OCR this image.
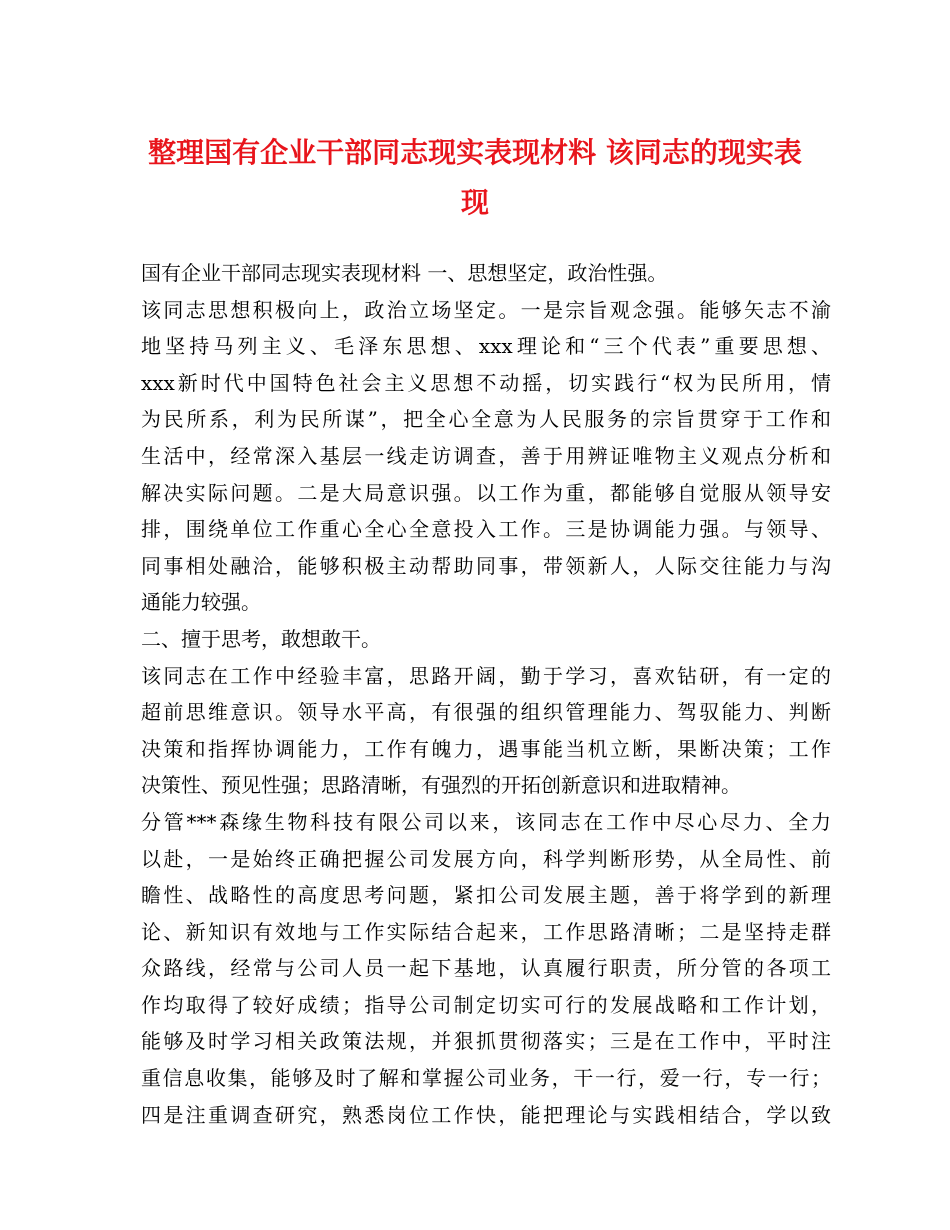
整理国有企业干部同志现实表现材料 该同志的现实表
现
国有企业干部同志现实表现材料 一、思想坚定，政治性强。
该同志思想积极向上，政治立场坚定。一是宗旨观念强。能够矢志不渝
地坚持马列主义、毛泽东思想、xxx理论和“三个代表”重要思想、
xxx新时代中国特色社会主义思想不动摇，切实践行“权为民所用，情
为民所系，利为民所谋”，把全心全意为人民服务的宗旨贯穿于工作和
生活中，经常深入基层一线走访调查，善于用辨证唯物主义观点分析和
解决实际问题。二是大局意识强。以工作为重，都能够自觉服从领导安
排，围绕单位工作重心全心全意投入工作。三是协调能力强。与领导、
同事相处融洽，能够积极主动帮助同事，带领新人，人际交往能力与沟
通能力较强。
二、擅于思考，敢想敢干。
该同志在工作中经验丰富，思路开阔，勤于学习，喜欢钻研，有一定的
超前思维意识。领导水平高，有很强的组织管理能力、驾驭能力、判断
决策和指挥协调能力，工作有魄力，遇事能当机立断，果断决策；工作
决策性、预见性强；思路清晰，有强烈的开拓创新意识和进取精神。
分管***森缘生物科技有限公司以来，该同志在工作中尽心尽力、全力
以赴，一是始终正确把握公司发展方向，科学判断形势，从全局性、前
瞻性、战略性的高度思考问题，紧扣公司发展主题，善于将学到的新理
论、新知识有效地与工作实际结合起来，工作思路清晰；二是坚持走群
众路线，经常与公司人员一起下基地，认真履行职责，所分管的各项工
作均取得了较好成绩；指导公司制定切实可行的发展战略和工作计划，
能够及时学习相关政策法规，并狠抓贯彻落实；三是在工作中，平时注
重信息收集，能够及时了解和掌握公司业务，干一行，爱一行，专一行；
四是注重调查研究，熟悉岗位工作快，能把理论与实践相结合，学以致
